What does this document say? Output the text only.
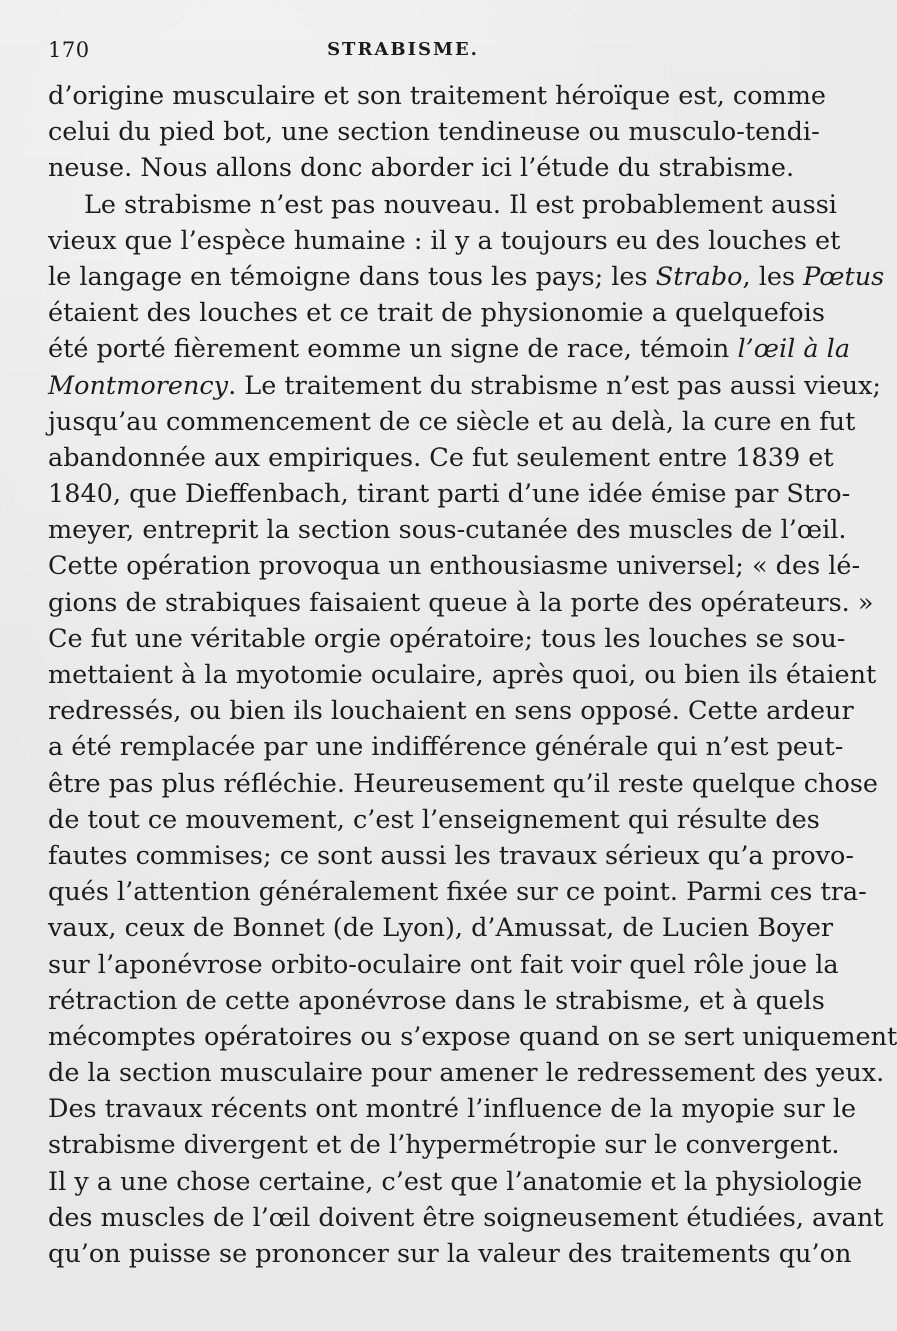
170	STRABISME.
d’origine musculaire et son traitement héroïque est, comme
celui du pied bot, une section tendineuse ou musculo-tendi-
neuse. Nous allons donc aborder ici l’étude du strabisme.
Le strabisme n’est pas nouveau. Il est probablement aussi
vieux que l’espèce humaine : il y a toujours eu des louches et
le langage en témoigne dans tous les pays; les Strabo, les Pœtus
étaient des louches et ce trait de physionomie a quelquefois
été porté fièrement eomme un signe de race, témoin l’œil à la
Montmorency. Le traitement du strabisme n’est pas aussi vieux;
jusqu’au commencement de ce siècle et au delà, la cure en fut
abandonnée aux empiriques. Ce fut seulement entre 1839 et
1840, que Dieffenbach, tirant parti d’une idée émise par Stro-
meyer, entreprit la section sous-cutanée des muscles de l’œil.
Cette opération provoqua un enthousiasme universel; « des lé-
gions de strabiques faisaient queue à la porte des opérateurs. »
Ce fut une véritable orgie opératoire; tous les louches se sou-
mettaient à la myotomie oculaire, après quoi, ou bien ils étaient
redressés, ou bien ils louchaient en sens opposé. Cette ardeur
a été remplacée par une indifférence générale qui n’est peut-
être pas plus réfléchie. Heureusement qu’il reste quelque chose
de tout ce mouvement, c’est l’enseignement qui résulte des
fautes commises; ce sont aussi les travaux sérieux qu’a provo-
qués l’attention généralement fixée sur ce point. Parmi ces tra-
vaux, ceux de Bonnet (de Lyon), d’Amussat, de Lucien Boyer
sur l’aponévrose orbito-oculaire ont fait voir quel rôle joue la
rétraction de cette aponévrose dans le strabisme, et à quels
mécomptes opératoires ou s’expose quand on se sert uniquement
de la section musculaire pour amener le redressement des yeux.
Des travaux récents ont montré l’influence de la myopie sur le
strabisme divergent et de l’hypermétropie sur le convergent.
Il y a une chose certaine, c’est que l’anatomie et la physiologie
des muscles de l’œil doivent être soigneusement étudiées, avant
qu’on puisse se prononcer sur la valeur des traitements qu’on
